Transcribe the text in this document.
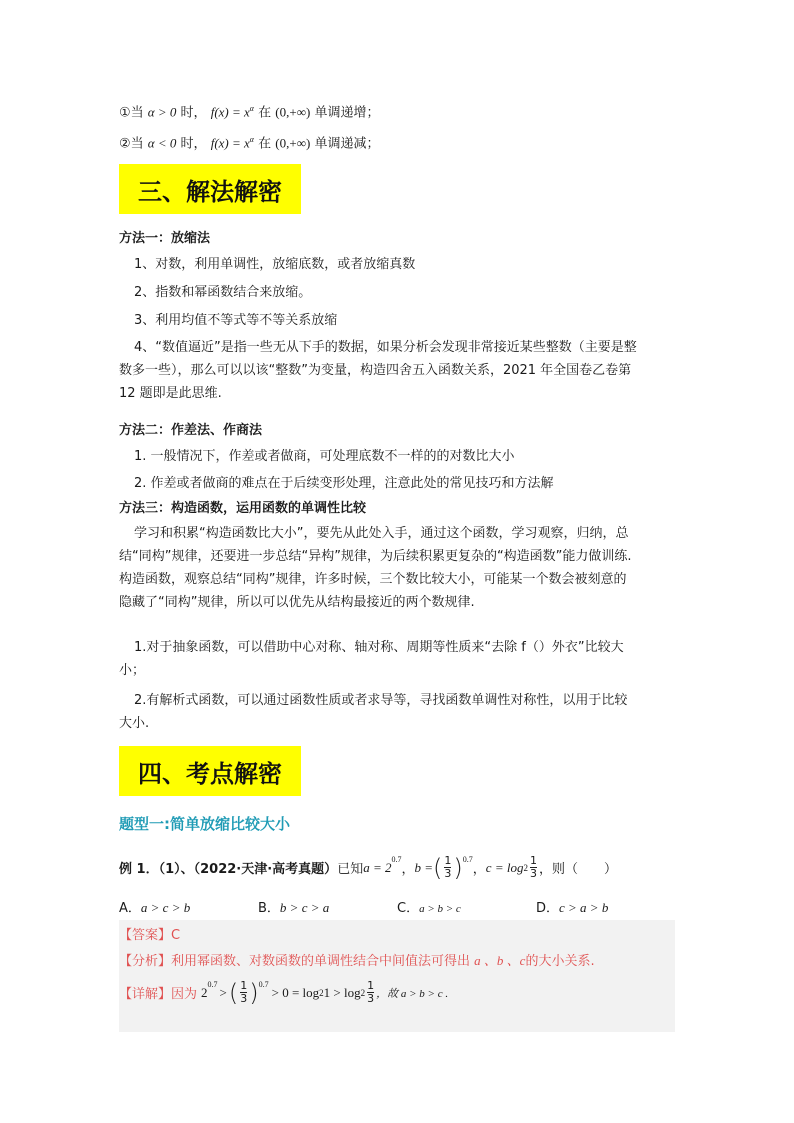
①当 α > 0 时， $f(x) = x^\alpha$ 在 (0,+∞) 单调递增；
②当 α < 0 时， $f(x) = x^\alpha$ 在 (0,+∞) 单调递减；
三、解法解密
方法一：放缩法
1、对数，利用单调性，放缩底数，或者放缩真数
2、指数和幂函数结合来放缩。
3、利用均值不等式等不等关系放缩
4、“数值逼近”是指一些无从下手的数据，如果分析会发现非常接近某些整数（主要是整
数多一些），那么可以以该“整数”为变量，构造四舍五入函数关系，2021 年全国卷乙卷第
12 题即是此思维.
方法二：作差法、作商法
1. 一般情况下，作差或者做商，可处理底数不一样的的对数比大小
2. 作差或者做商的难点在于后续变形处理，注意此处的常见技巧和方法解
方法三：构造函数，运用函数的单调性比较
学习和积累“构造函数比大小”，要先从此处入手，通过这个函数，学习观察，归纳，总
结“同构”规律，还要进一步总结“异构”规律，为后续积累更复杂的“构造函数”能力做训练.
构造函数，观察总结“同构”规律，许多时候，三个数比较大小，可能某一个数会被刻意的
隐藏了“同构”规律，所以可以优先从结构最接近的两个数规律.
1.对于抽象函数，可以借助中心对称、轴对称、周期等性质来“去除 f（）外衣”比较大
小；
2.有解析式函数，可以通过函数性质或者求导等，寻找函数单调性对称性，以用于比较
大小.
四、考点解密
题型一:简单放缩比较大小
例 1．（1）、（2022·天津·高考真题） 已知 $a = 2^{0.7}$
， b = ( $\frac{1}{3} )^{0.7}$
， $c = \log 2 \frac{1}{3}$ ，则（　　）
A．a > c > b	B．b > c > a	C．a > b > c	D．c > a > b
【答案】C
【分析】利用幂函数、对数函数的单调性结合中间值法可得出 a 、b 、c的大小关系.
【详解】 因为 $2^{0.7}$ > ( $\frac{1}{3} )^{0.7} > 0 = \log 2$ $1 > \log 2 \frac{1}{3}$ ，故 a > b > c .
